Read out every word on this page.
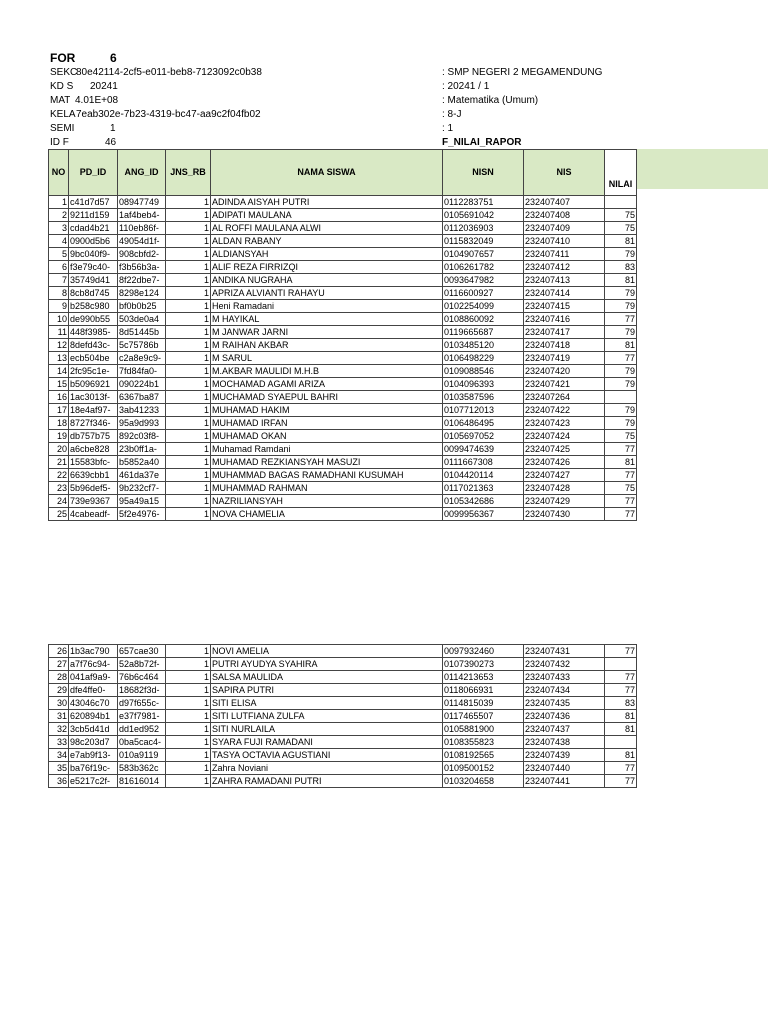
FOR	6
SEKC
80e42114-2cf5-e011-beb8-7123092c0b38	: SMP NEGERI 2 MEGAMENDUNG
KD S 20241	: 20241 / 1
MAT 4.01E+08	: Matematika (Umum)
KELA 7eab302e-7b23-4319-bc47-aa9c2f04fb02	: 8-J
SEMI	1	: 1
ID F	46	F_NILAI_RAPOR
NO	PD_ID	ANG_ID	JNS_RB	NAMA SISWA	NISN	NIS	NILAI
1	c41d7d57	08947749	1	ADINDA AISYAH PUTRI	0112283751	232407407	
2	9211d159	1af4beb4-	1	ADIPATI MAULANA	0105691042	232407408	75
3	cdad4b21	110eb86f-	1	AL ROFFI MAULANA ALWI	0112036903	232407409	75
4	0900d5b6	49054d1f-	1	ALDAN RABANY	0115832049	232407410	81
5	9bc040f9-	908cbfd2-	1	ALDIANSYAH	0104907657	232407411	79
6	f3e79c40-	f3b56b3a-	1	ALIF REZA FIRRIZQI	0106261782	232407412	83
7	35749d41	8f22dbe7-	1	ANDIKA NUGRAHA	0093647982	232407413	81
8	8cb8d745	8298e124	1	APRIZA ALVIANTI RAHAYU	0116600927	232407414	79
9	b258c980	bf0b0b25	1	Heni Ramadani	0102254099	232407415	79
10	de990b55	503de0a4	1	M HAYIKAL	0108860092	232407416	77
11	448f3985-	8d51445b	1	M JANWAR JARNI	0119665687	232407417	79
12	8defd43c-	5c75786b	1	M RAIHAN AKBAR	0103485120	232407418	81
13	ecb504be	c2a8e9c9-	1	M SARUL	0106498229	232407419	77
14	2fc95c1e-	7fd84fa0-	1	M.AKBAR MAULIDI M.H.B	0109088546	232407420	79
15	b5096921	090224b1	1	MOCHAMAD AGAMI ARIZA	0104096393	232407421	79
16	1ac3013f-	6367ba87	1	MUCHAMAD SYAEPUL BAHRI	0103587596	232407264	
17	18e4af97-	3ab41233	1	MUHAMAD HAKIM	0107712013	232407422	79
18	8727f346-	95a9d993	1	MUHAMAD IRFAN	0106486495	232407423	79
19	db757b75	892c03f8-	1	MUHAMAD OKAN	0105697052	232407424	75
20	a6cbe828	23b0ff1a-	1	Muhamad Ramdani	0099474639	232407425	77
21	15583bfc-	b5852a40	1	MUHAMAD REZKIANSYAH MASUZI	0111667308	232407426	81
22	6639cbb1	461da37e	1	MUHAMMAD BAGAS RAMADHANI KUSUMAH	0104420114	232407427	77
23	5b96def5-	9b232cf7-	1	MUHAMMAD RAHMAN	0117021363	232407428	75
24	739e9367	95a49a15	1	NAZRILIANSYAH	0105342686	232407429	77
25	4cabeadf-	5f2e4976-	1	NOVA CHAMELIA	0099956367	232407430	77
26	1b3ac790	657cae30	1	NOVI AMELIA	0097932460	232407431	77
27	a7f76c94-	52a8b72f-	1	PUTRI AYUDYA SYAHIRA	0107390273	232407432	
28	041af9a9-	76b6c464	1	SALSA MAULIDA	0114213653	232407433	77
29	dfe4ffe0-	18682f3d-	1	SAPIRA PUTRI	0118066931	232407434	77
30	43046c70	d97f655c-	1	SITI ELISA	0114815039	232407435	83
31	620894b1	e37f7981-	1	SITI LUTFIANA ZULFA	0117465507	232407436	81
32	3cb5d41d	dd1ed952	1	SITI NURLAILA	0105881900	232407437	81
33	98c203d7	0ba5cac4-	1	SYARA FUJI RAMADANI	0108355823	232407438	
34	e7ab9f13-	010a9119	1	TASYA OCTAVIA AGUSTIANI	0108192565	232407439	81
35	ba76f19c-	583b362c	1	Zahra Noviani	0109500152	232407440	77
36	e5217c2f-	81616014	1	ZAHRA RAMADANI PUTRI	0103204658	232407441	77
